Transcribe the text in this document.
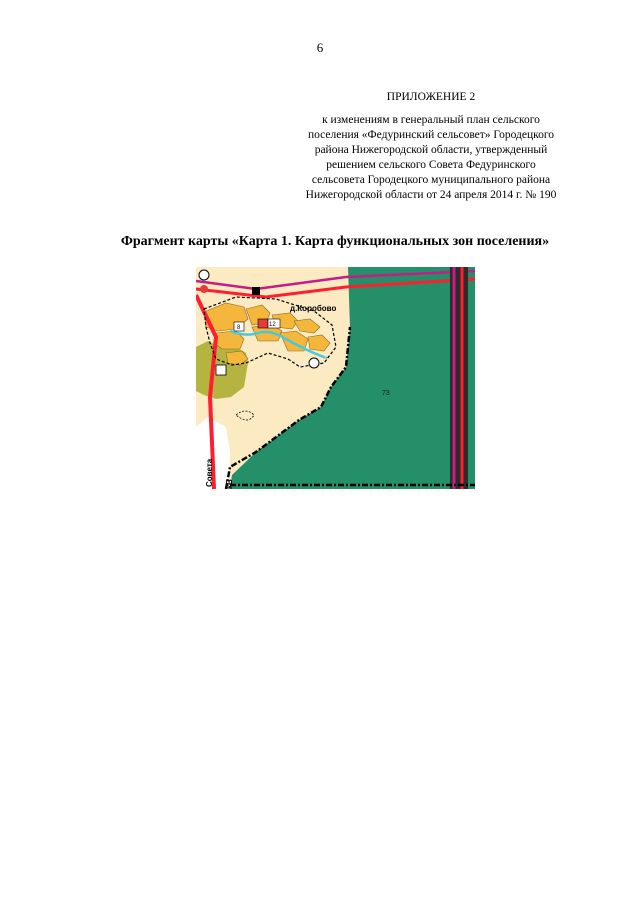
6
ПРИЛОЖЕНИЕ 2
к изменениям в генеральный план сельского
поселения «Федуринский сельсовет» Городецкого
района Нижегородской области, утвержденный
решением сельского Совета Федуринского
сельсовета Городецкого муниципального района
Нижегородской области от 24 апреля 2014 г. № 190
Фрагмент карты «Карта 1. Карта функциональных зон поселения»
12
8
д.Коробово
73
Совета кВ
